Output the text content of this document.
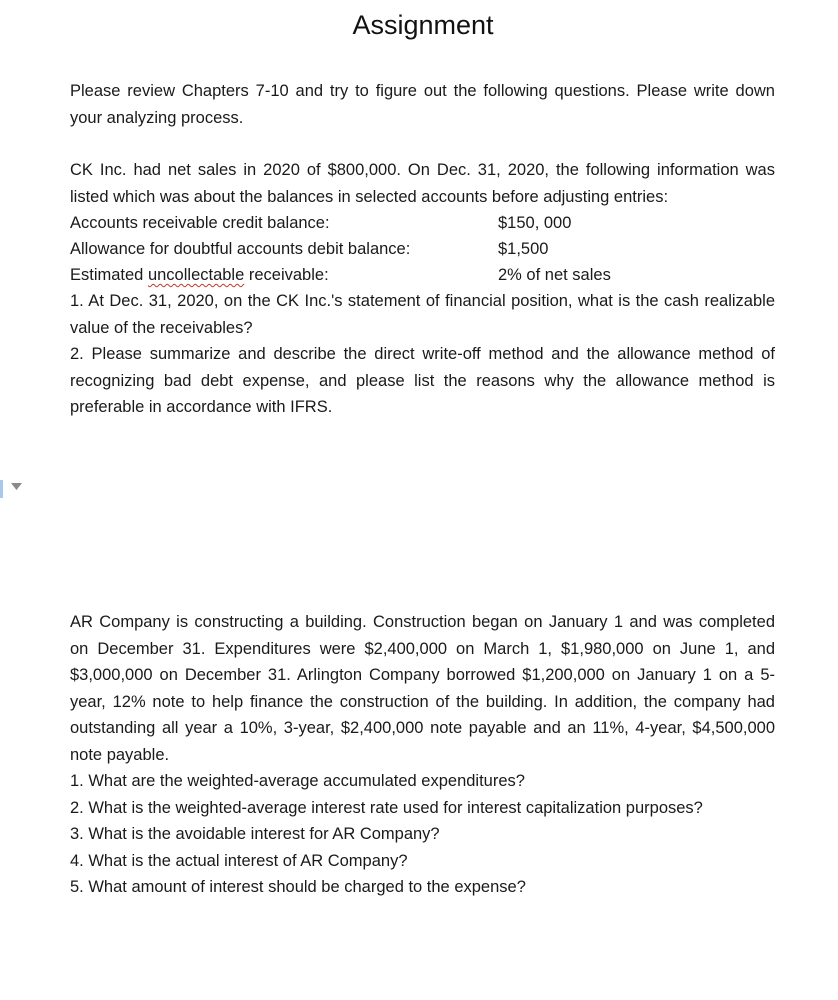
Assignment
Please review Chapters 7-10 and try to figure out the following questions. Please write down your analyzing process.
CK Inc. had net sales in 2020 of $800,000. On Dec. 31, 2020, the following information was listed which was about the balances in selected accounts before adjusting entries:
Accounts receivable credit balance:	$150, 000
Allowance for doubtful accounts debit balance:	$1,500
Estimated uncollectable receivable:	2% of net sales
1. At Dec. 31, 2020, on the CK Inc.'s statement of financial position, what is the cash realizable value of the receivables?
2. Please summarize and describe the direct write-off method and the allowance method of recognizing bad debt expense, and please list the reasons why the allowance method is preferable in accordance with IFRS.
AR Company is constructing a building. Construction began on January 1 and was completed on December 31. Expenditures were $2,400,000 on March 1, $1,980,000 on June 1, and $3,000,000 on December 31. Arlington Company borrowed $1,200,000 on January 1 on a 5-year, 12% note to help finance the construction of the building. In addition, the company had outstanding all year a 10%, 3-year, $2,400,000 note payable and an 11%, 4-year, $4,500,000 note payable.
1. What are the weighted-average accumulated expenditures?
2. What is the weighted-average interest rate used for interest capitalization purposes?
3. What is the avoidable interest for AR Company?
4. What is the actual interest of AR Company?
5. What amount of interest should be charged to the expense?
